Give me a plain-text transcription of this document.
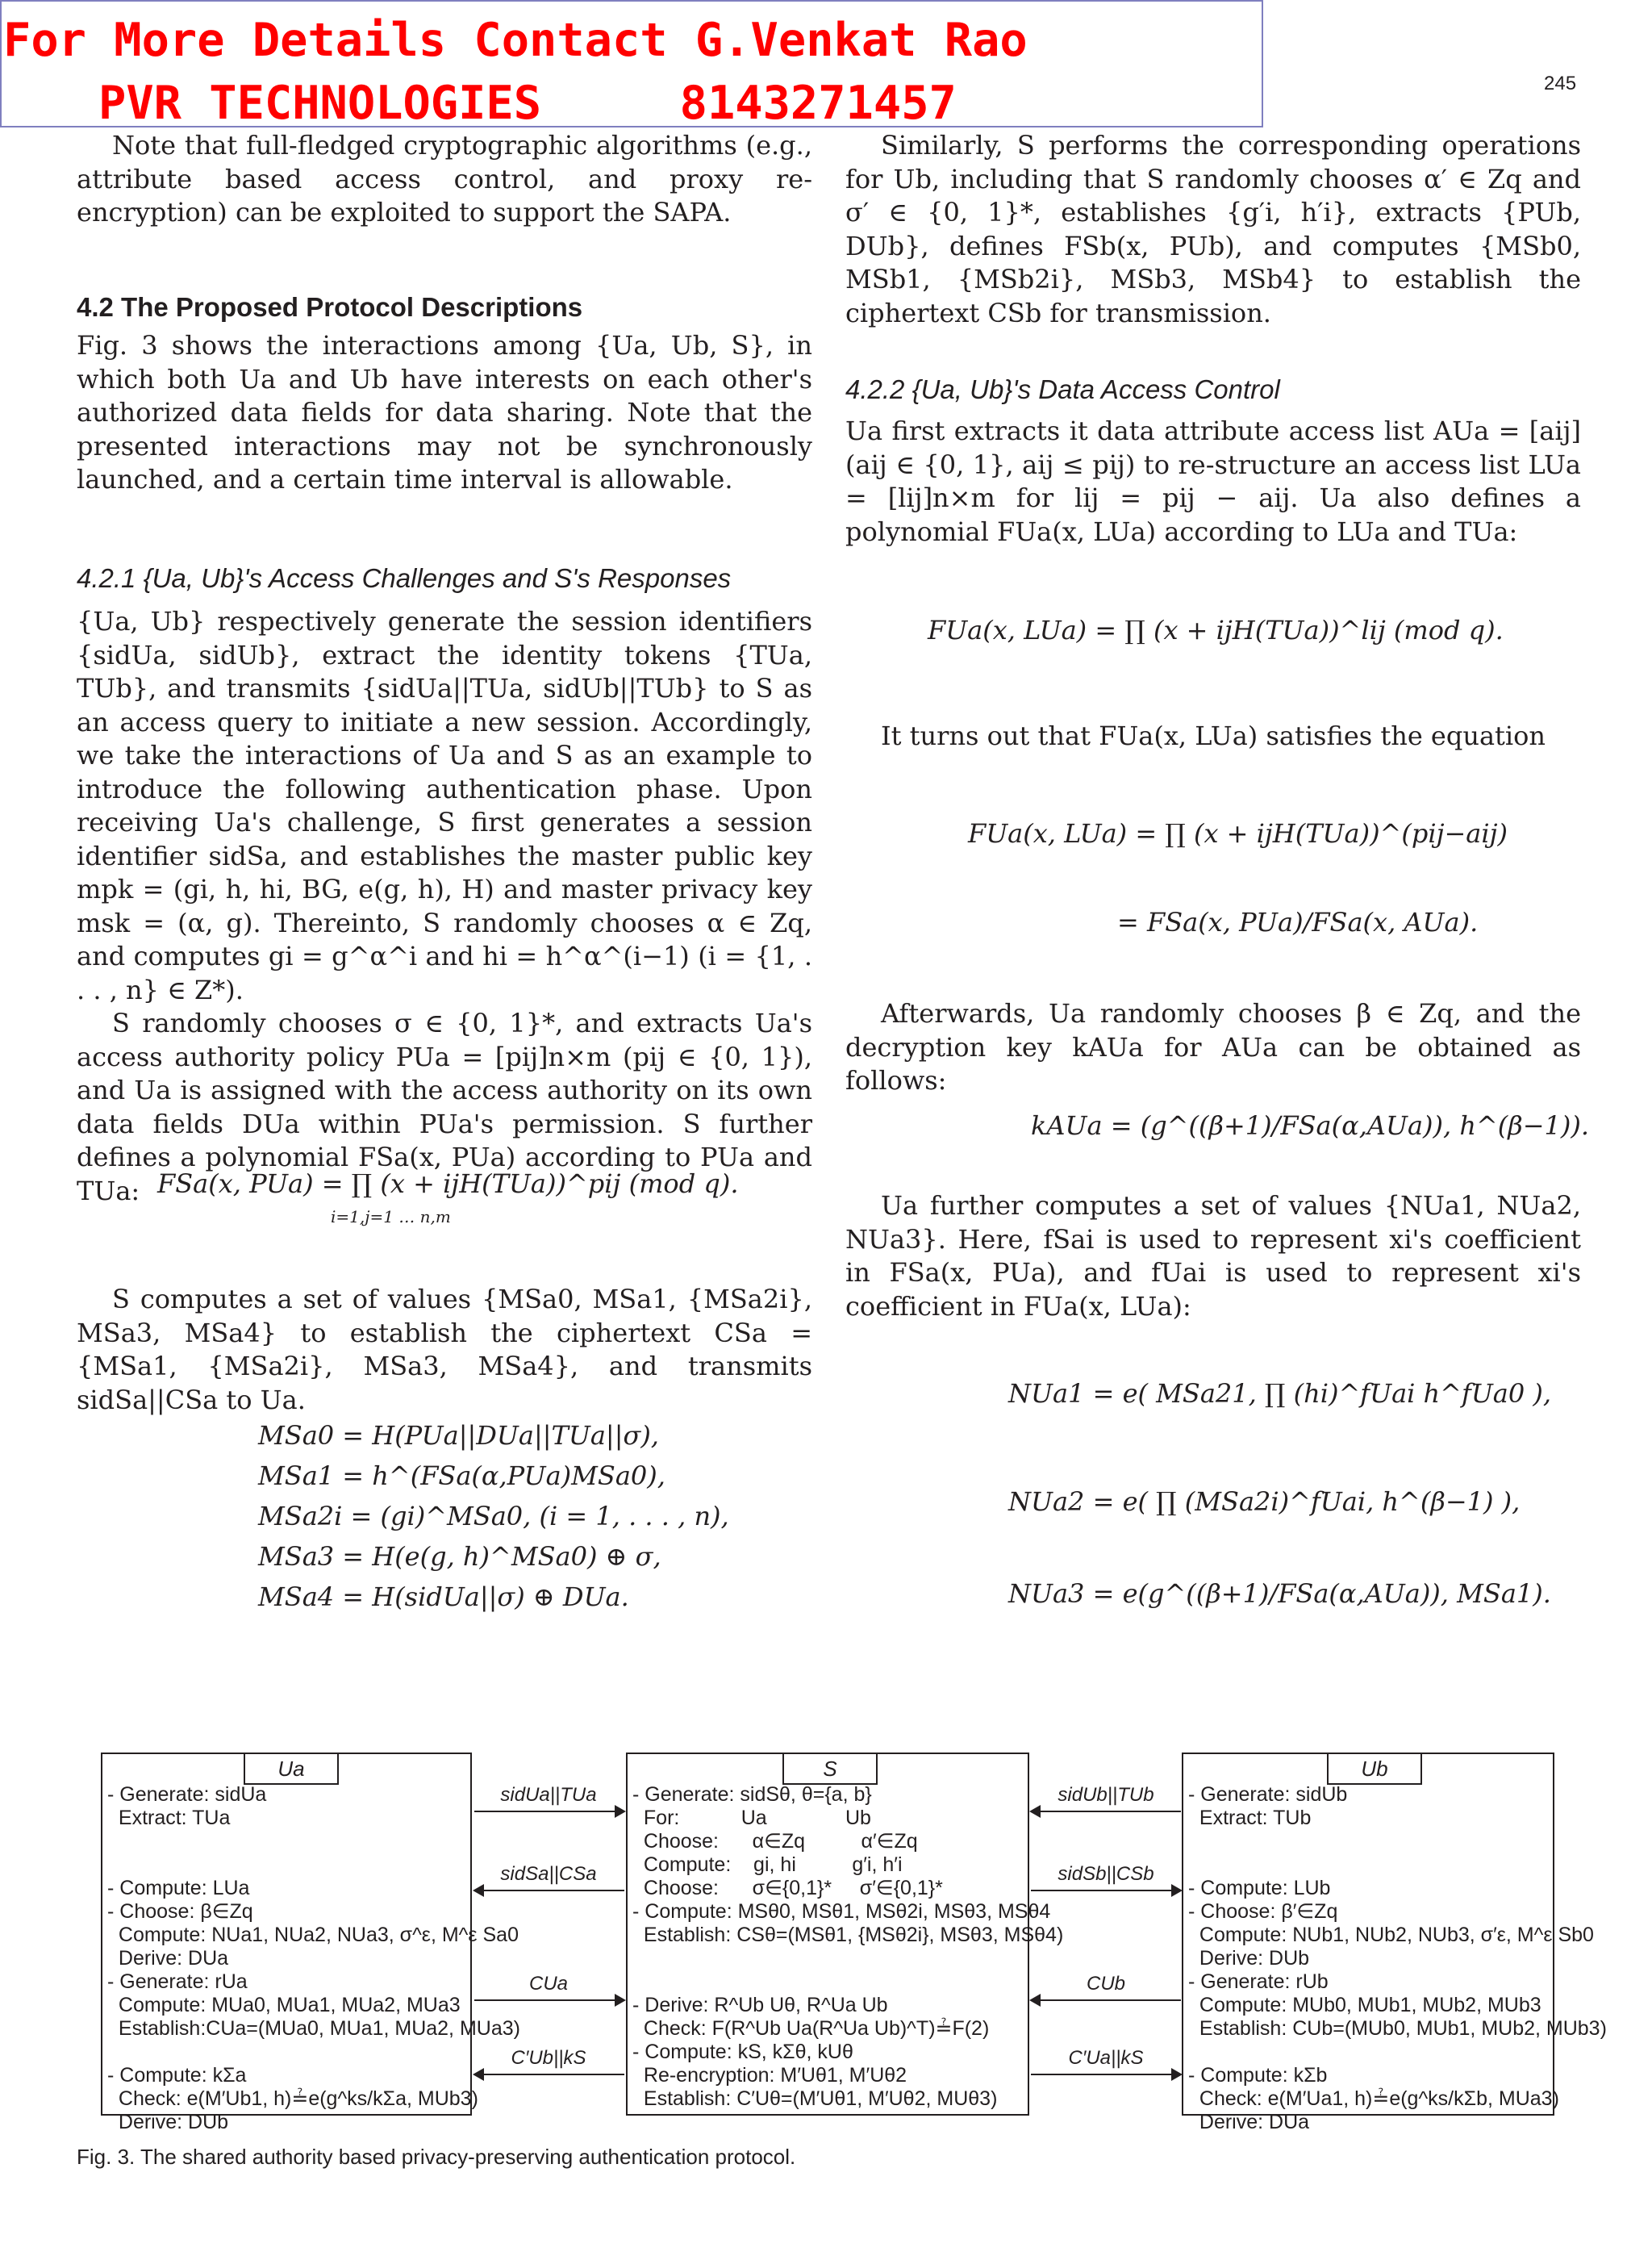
For More Details Contact G.Venkat Rao
PVR TECHNOLOGIES     8143271457	245

Note that full-fledged cryptographic algorithms (e.g., attribute based access control, and proxy re-encryption) can be exploited to support the SAPA.

4.2 The Proposed Protocol Descriptions

Fig. 3 shows the interactions among {Ua, Ub, S}, in which both Ua and Ub have interests on each other's authorized data fields for data sharing. Note that the presented interactions may not be synchronously launched, and a certain time interval is allowable.

4.2.1 {Ua, Ub}'s Access Challenges and S's Responses

{Ua, Ub} respectively generate the session identifiers {sidUa, sidUb}, extract the identity tokens {TUa, TUb}, and transmits {sidUa||TUa, sidUb||TUb} to S as an access query to initiate a new session. Accordingly, we take the interactions of Ua and S as an example to introduce the following authentication phase. Upon receiving Ua's challenge, S first generates a session identifier sidSa, and establishes the master public key mpk = (gi, h, hi, BG, e(g, h), H) and master privacy key msk = (α, g). Thereinto, S randomly chooses α ∈ Zq, and computes gi = g^α^i and hi = h^α^(i−1) (i = {1, . . . , n} ∈ Z*).

S randomly chooses σ ∈ {0, 1}*, and extracts Ua's access authority policy PUa = [pij]n×m (pij ∈ {0, 1}), and Ua is assigned with the access authority on its own data fields DUa within PUa's permission. S further defines a polynomial FSa(x, PUa) according to PUa and TUa: FSa(x, PUa) = ∏ (x + ijH(TUa))^pij (mod q).
i=1,j=1 … n,m

S computes a set of values {MSa0, MSa1, {MSa2i}, MSa3, MSa4} to establish the ciphertext CSa = {MSa1, {MSa2i}, MSa3, MSa4}, and transmits sidSa||CSa to Ua.

MSa0 = H(PUa||DUa||TUa||σ),
MSa1 = h^(FSa(α,PUa)MSa0),
MSa2i = (gi)^MSa0, (i = 1, . . . , n),
MSa3 = H(e(g, h)^MSa0) ⊕ σ,
MSa4 = H(sidUa||σ) ⊕ DUa.

Similarly, S performs the corresponding operations for Ub, including that S randomly chooses α′ ∈ Zq and σ′ ∈ {0, 1}*, establishes {g′i, h′i}, extracts {PUb, DUb}, defines FSb(x, PUb), and computes {MSb0, MSb1, {MSb2i}, MSb3, MSb4} to establish the ciphertext CSb for transmission.

4.2.2 {Ua, Ub}'s Data Access Control

Ua first extracts it data attribute access list AUa = [aij] (aij ∈ {0, 1}, aij ≤ pij) to re-structure an access list LUa = [lij]n×m for lij = pij − aij. Ua also defines a polynomial FUa(x, LUa) according to LUa and TUa:

FUa(x, LUa) = ∏ (x + ijH(TUa))^lij (mod q).

It turns out that FUa(x, LUa) satisfies the equation

FUa(x, LUa) = ∏ (x + ijH(TUa))^(pij−aij)
= FSa(x, PUa)/FSa(x, AUa).

Afterwards, Ua randomly chooses β ∈ Zq, and the decryption key kAUa for AUa can be obtained as follows:

kAUa = (g^((β+1)/FSa(α,AUa)), h^(β−1)).

Ua further computes a set of values {NUa1, NUa2, NUa3}. Here, fSai is used to represent xi's coefficient in FSa(x, PUa), and fUai is used to represent xi's coefficient in FUa(x, LUa):

NUa1 = e( MSa21, ∏ (hi)^fUai h^fUa0 ),
NUa2 = e( ∏ (MSa2i)^fUai, h^(β−1) ),
NUa3 = e(g^((β+1)/FSa(α,AUa)), MSa1).
Ua
- Generate: sidUa
Extract: TUa

- Compute: LUa
- Choose: β∈Zq
Compute: NUa1, NUa2, NUa3, σ^ε, M^ε Sa0
Derive: DUa
- Generate: rUa
Compute: MUa0, MUa1, MUa2, MUa3
Establish:CUa=(MUa0, MUa1, MUa2, MUa3)

- Compute: kΣa
Check: e(M′Ub1, h)≟e(g^ks/kΣa, MUb3)
Derive: DUb
S
- Generate: sidSθ, θ={a, b}
For:           Ua              Ub
Choose:      α∈Zq          α′∈Zq
Compute:    gi, hi          g′i, h′i
Choose:      σ∈{0,1}*     σ′∈{0,1}*
- Compute: MSθ0, MSθ1, MSθ2i, MSθ3, MSθ4
Establish: CSθ=(MSθ1, {MSθ2i}, MSθ3, MSθ4)

- Derive: R^Ub Uθ, R^Ua Ub
Check: F(R^Ub Ua(R^Ua Ub)^T)≟F(2)
- Compute: kS, kΣθ, kUθ
Re-encryption: M′Uθ1, M′Uθ2
Establish: C′Uθ=(M′Uθ1, M′Uθ2, MUθ3)
Ub
- Generate: sidUb
Extract: TUb

- Compute: LUb
- Choose: β′∈Zq
Compute: NUb1, NUb2, NUb3, σ′ε, M^ε Sb0
Derive: DUb
- Generate: rUb
Compute: MUb0, MUb1, MUb2, MUb3
Establish: CUb=(MUb0, MUb1, MUb2, MUb3)

- Compute: kΣb
Check: e(M′Ua1, h)≟e(g^ks/kΣb, MUa3)
Derive: DUa
sidUa||TUa
sidSa||CSa
CUa
C′Ub||kS
sidUb||TUb
sidSb||CSb
CUb
C′Ua||kS
Fig. 3. The shared authority based privacy-preserving authentication protocol.
